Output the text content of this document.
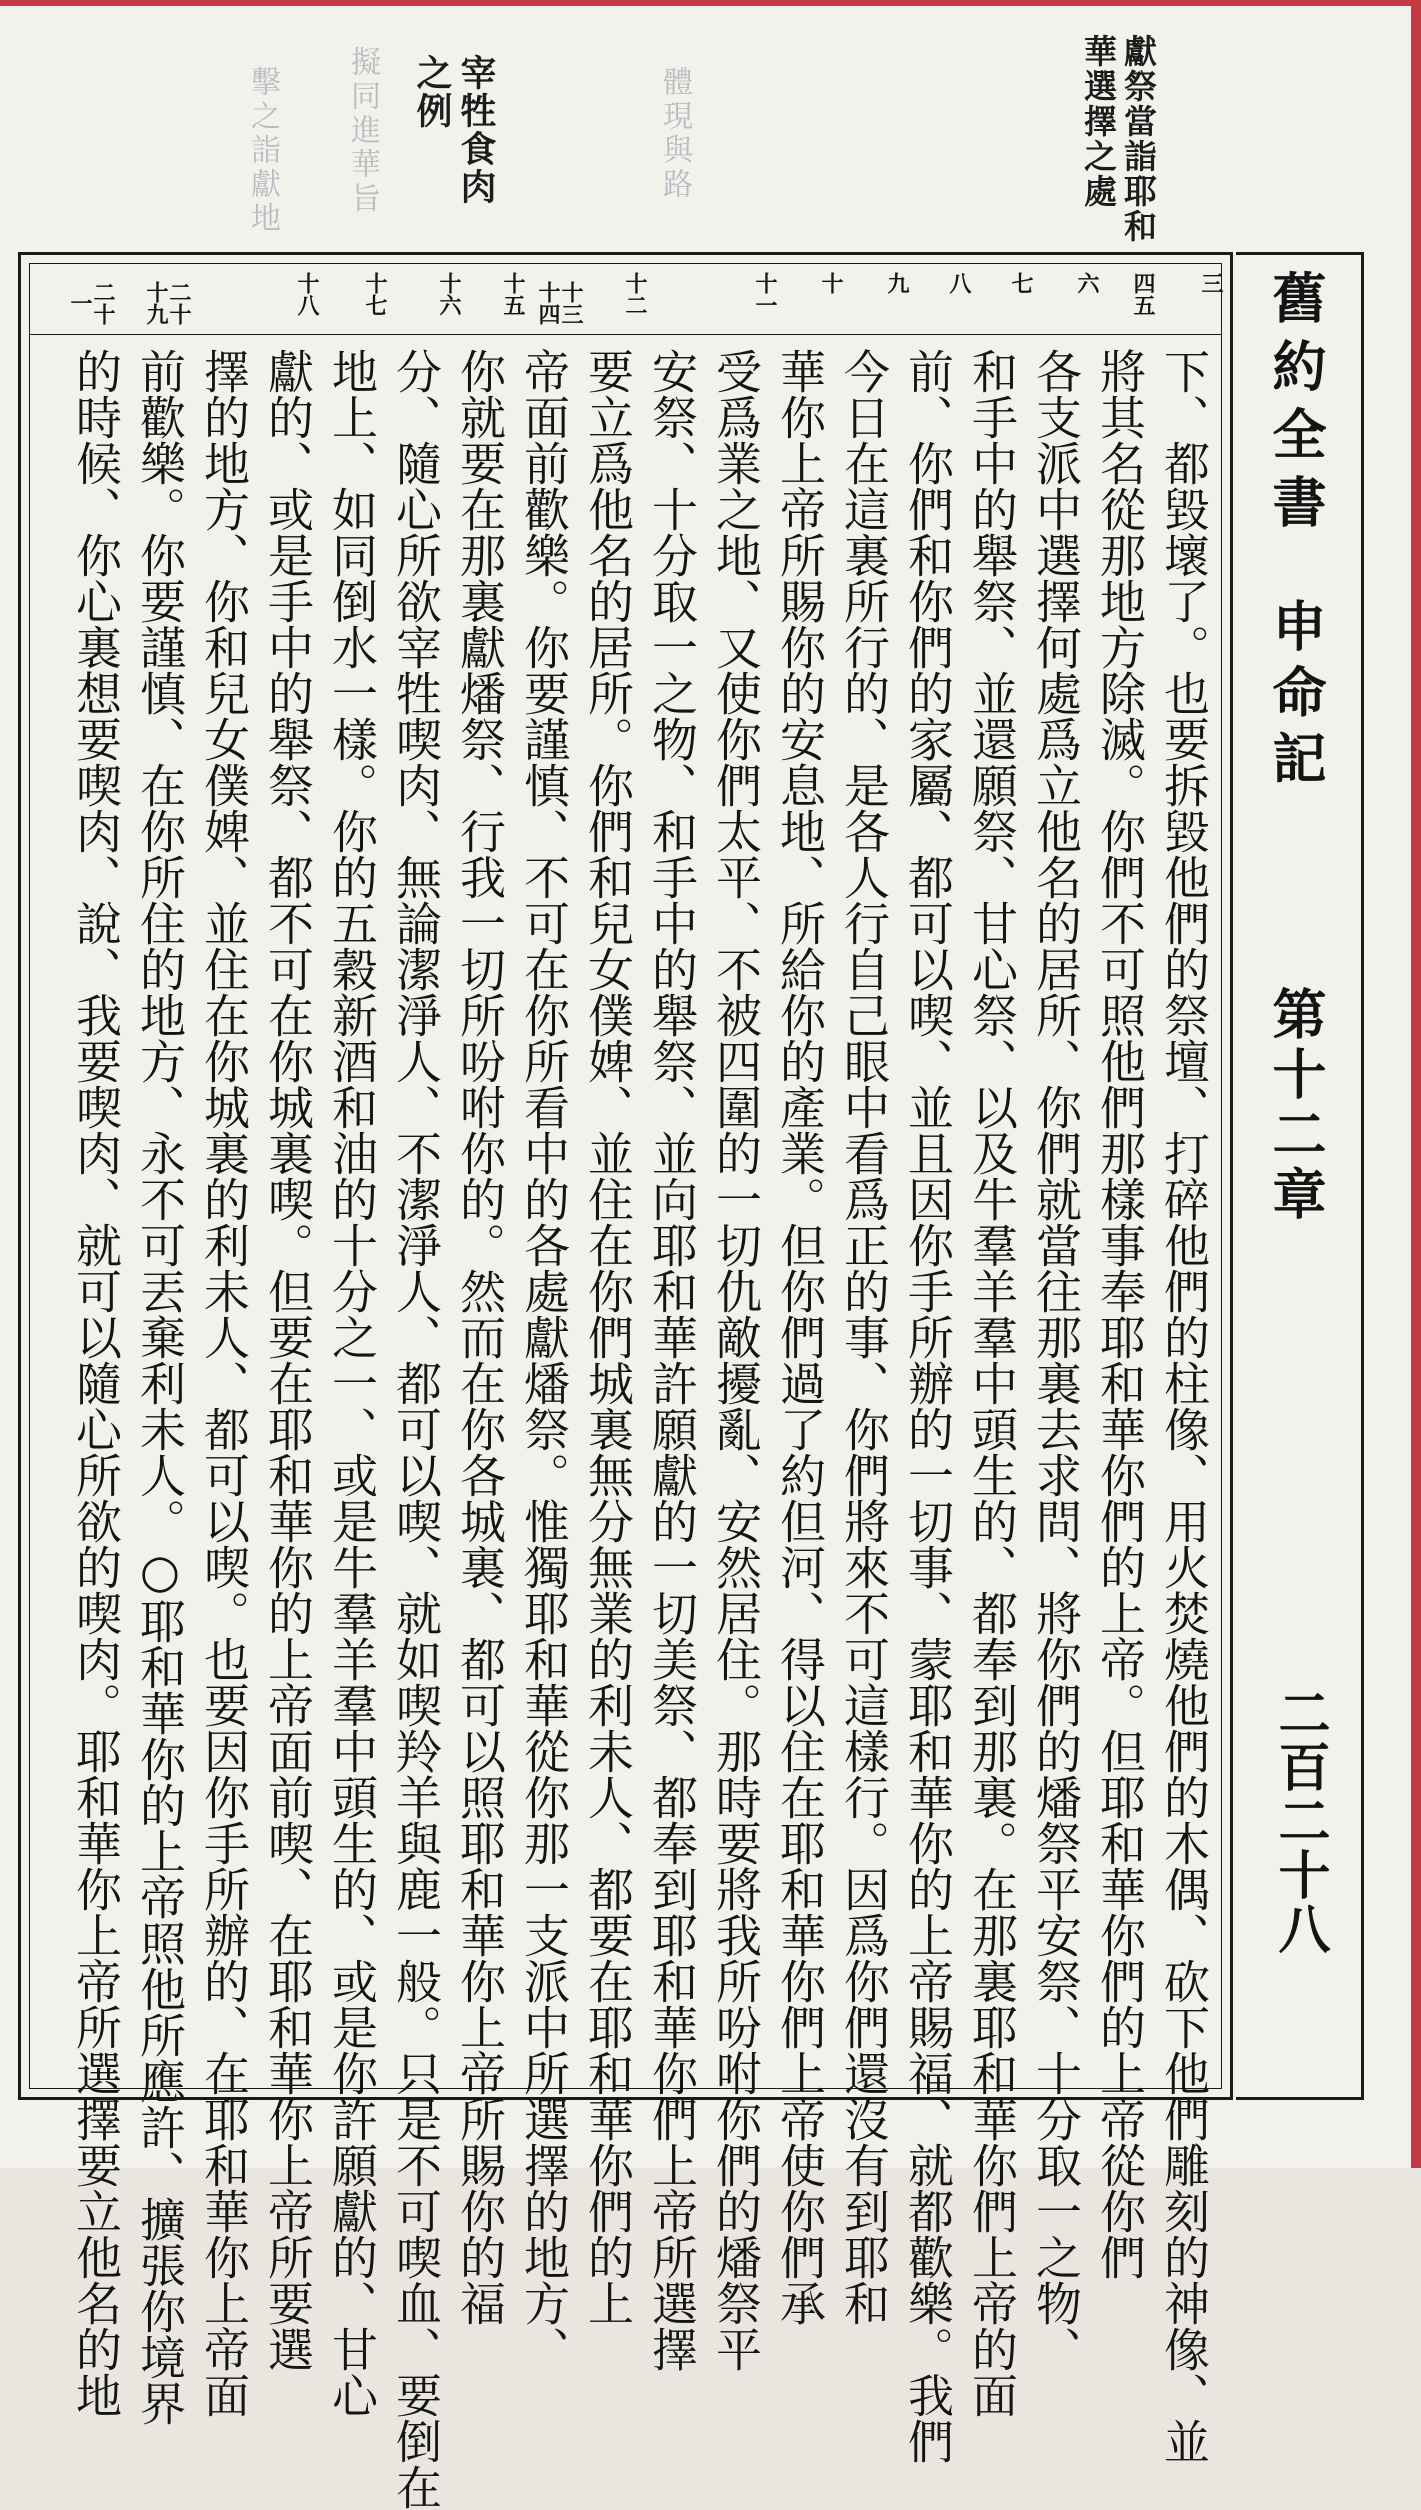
獻祭當詣耶和華選擇之處
宰牲食肉之例	體現與路
擬同進華旨
擊之詣獻地
三
四五
六
七
八
九
十
十一
十二
十三十四
十五
十六
十七
十八
二十十九
二十一
下、都毀壞了。也要拆毀他們的祭壇、打碎他們的柱像、用火焚燒他們的木偶、砍下他們雕刻的神像、並
將其名從那地方除滅。你們不可照他們那樣事奉耶和華你們的上帝。但耶和華你們的上帝從你們
各支派中選擇何處爲立他名的居所、你們就當往那裏去求問、將你們的燔祭平安祭、十分取一之物、
和手中的舉祭、並還願祭、甘心祭、以及牛羣羊羣中頭生的、都奉到那裏。在那裏耶和華你們上帝的面
前、你們和你們的家屬、都可以喫、並且因你手所辦的一切事、蒙耶和華你的上帝賜福、就都歡樂。我們
今日在這裏所行的、是各人行自己眼中看爲正的事、你們將來不可這樣行。因爲你們還沒有到耶和
華你上帝所賜你的安息地、所給你的產業。但你們過了約但河、得以住在耶和華你們上帝使你們承
受爲業之地、又使你們太平、不被四圍的一切仇敵擾亂、安然居住。那時要將我所吩咐你們的燔祭平
安祭、十分取一之物、和手中的舉祭、並向耶和華許願獻的一切美祭、都奉到耶和華你們上帝所選擇
要立爲他名的居所。你們和兒女僕婢、並住在你們城裏無分無業的利未人、都要在耶和華你們的上
帝面前歡樂。你要謹慎、不可在你所看中的各處獻燔祭。惟獨耶和華從你那一支派中所選擇的地方、
你就要在那裏獻燔祭、行我一切所吩咐你的。然而在你各城裏、都可以照耶和華你上帝所賜你的福
分、隨心所欲宰牲喫肉、無論潔淨人、不潔淨人、都可以喫、就如喫羚羊與鹿一般。只是不可喫血、要倒在
地上、如同倒水一樣。你的五穀新酒和油的十分之一、或是牛羣羊羣中頭生的、或是你許願獻的、甘心
獻的、或是手中的舉祭、都不可在你城裏喫。但要在耶和華你的上帝面前喫、在耶和華你上帝所要選
擇的地方、你和兒女僕婢、並住在你城裏的利未人、都可以喫。也要因你手所辦的、在耶和華你上帝面
前歡樂。你要謹慎、在你所住的地方、永不可丟棄利未人。○耶和華你的上帝照他所應許、擴張你境界
的時候、你心裏想要喫肉、說、我要喫肉、就可以隨心所欲的喫肉。耶和華你上帝所選擇要立他名的地	舊約全書
申命記
第十二章
二百二十八
